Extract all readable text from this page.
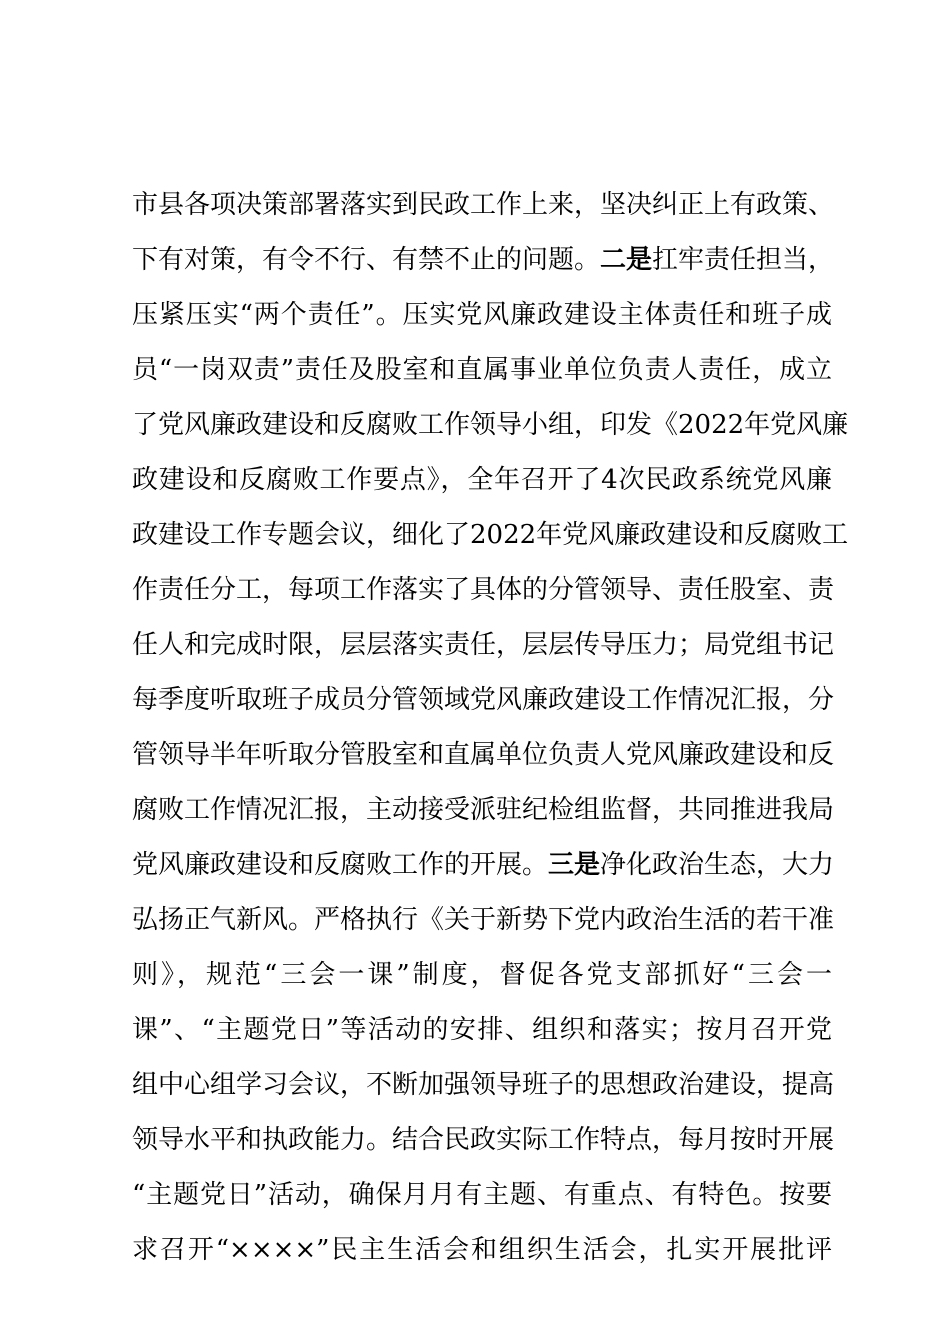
市县各项决策部署落实到民政工作上来，坚决纠正上有政策、
下有对策，有令不行、有禁不止的问题。二是扛牢责任担当，
压紧压实“两个责任”。压实党风廉政建设主体责任和班子成
员“一岗双责”责任及股室和直属事业单位负责人责任，成立
了党风廉政建设和反腐败工作领导小组，印发《2022年党风廉
政建设和反腐败工作要点》，全年召开了4次民政系统党风廉
政建设工作专题会议，细化了2022年党风廉政建设和反腐败工
作责任分工，每项工作落实了具体的分管领导、责任股室、责
任人和完成时限，层层落实责任，层层传导压力；局党组书记
每季度听取班子成员分管领域党风廉政建设工作情况汇报，分
管领导半年听取分管股室和直属单位负责人党风廉政建设和反
腐败工作情况汇报，主动接受派驻纪检组监督，共同推进我局
党风廉政建设和反腐败工作的开展。三是净化政治生态，大力
弘扬正气新风。严格执行《关于新势下党内政治生活的若干准
则》，规范“三会一课”制度，督促各党支部抓好“三会一
课”、“主题党日”等活动的安排、组织和落实；按月召开党
组中心组学习会议，不断加强领导班子的思想政治建设，提高
领导水平和执政能力。结合民政实际工作特点，每月按时开展
“主题党日”活动，确保月月有主题、有重点、有特色。按要
求召开“××××”民主生活会和组织生活会，扎实开展批评
